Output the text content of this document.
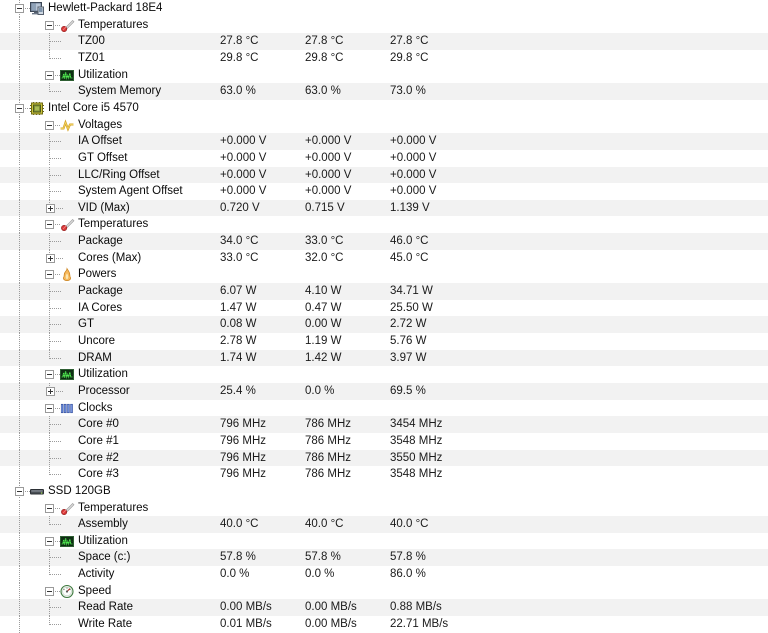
Hewlett-Packard 18E4
Temperatures
TZ00	27.8 °C	27.8 °C	27.8 °C
TZ01	29.8 °C	29.8 °C	29.8 °C
Utilization
System Memory	63.0 %	63.0 %	73.0 %
Intel Core i5 4570
Voltages
IA Offset	+0.000 V	+0.000 V	+0.000 V
GT Offset	+0.000 V	+0.000 V	+0.000 V
LLC/Ring Offset	+0.000 V	+0.000 V	+0.000 V
System Agent Offset	+0.000 V	+0.000 V	+0.000 V
VID (Max)	0.720 V	0.715 V	1.139 V
Temperatures
Package	34.0 °C	33.0 °C	46.0 °C
Cores (Max)	33.0 °C	32.0 °C	45.0 °C
Powers
Package	6.07 W	4.10 W	34.71 W
IA Cores	1.47 W	0.47 W	25.50 W
GT	0.08 W	0.00 W	2.72 W
Uncore	2.78 W	1.19 W	5.76 W
DRAM	1.74 W	1.42 W	3.97 W
Utilization
Processor	25.4 %	0.0 %	69.5 %
Clocks
Core #0	796 MHz	786 MHz	3454 MHz
Core #1	796 MHz	786 MHz	3548 MHz
Core #2	796 MHz	786 MHz	3550 MHz
Core #3	796 MHz	786 MHz	3548 MHz
SSD 120GB
Temperatures
Assembly	40.0 °C	40.0 °C	40.0 °C
Utilization
Space (c:)	57.8 %	57.8 %	57.8 %
Activity	0.0 %	0.0 %	86.0 %
Speed
Read Rate	0.00 MB/s	0.00 MB/s	0.88 MB/s
Write Rate	0.01 MB/s	0.00 MB/s	22.71 MB/s
